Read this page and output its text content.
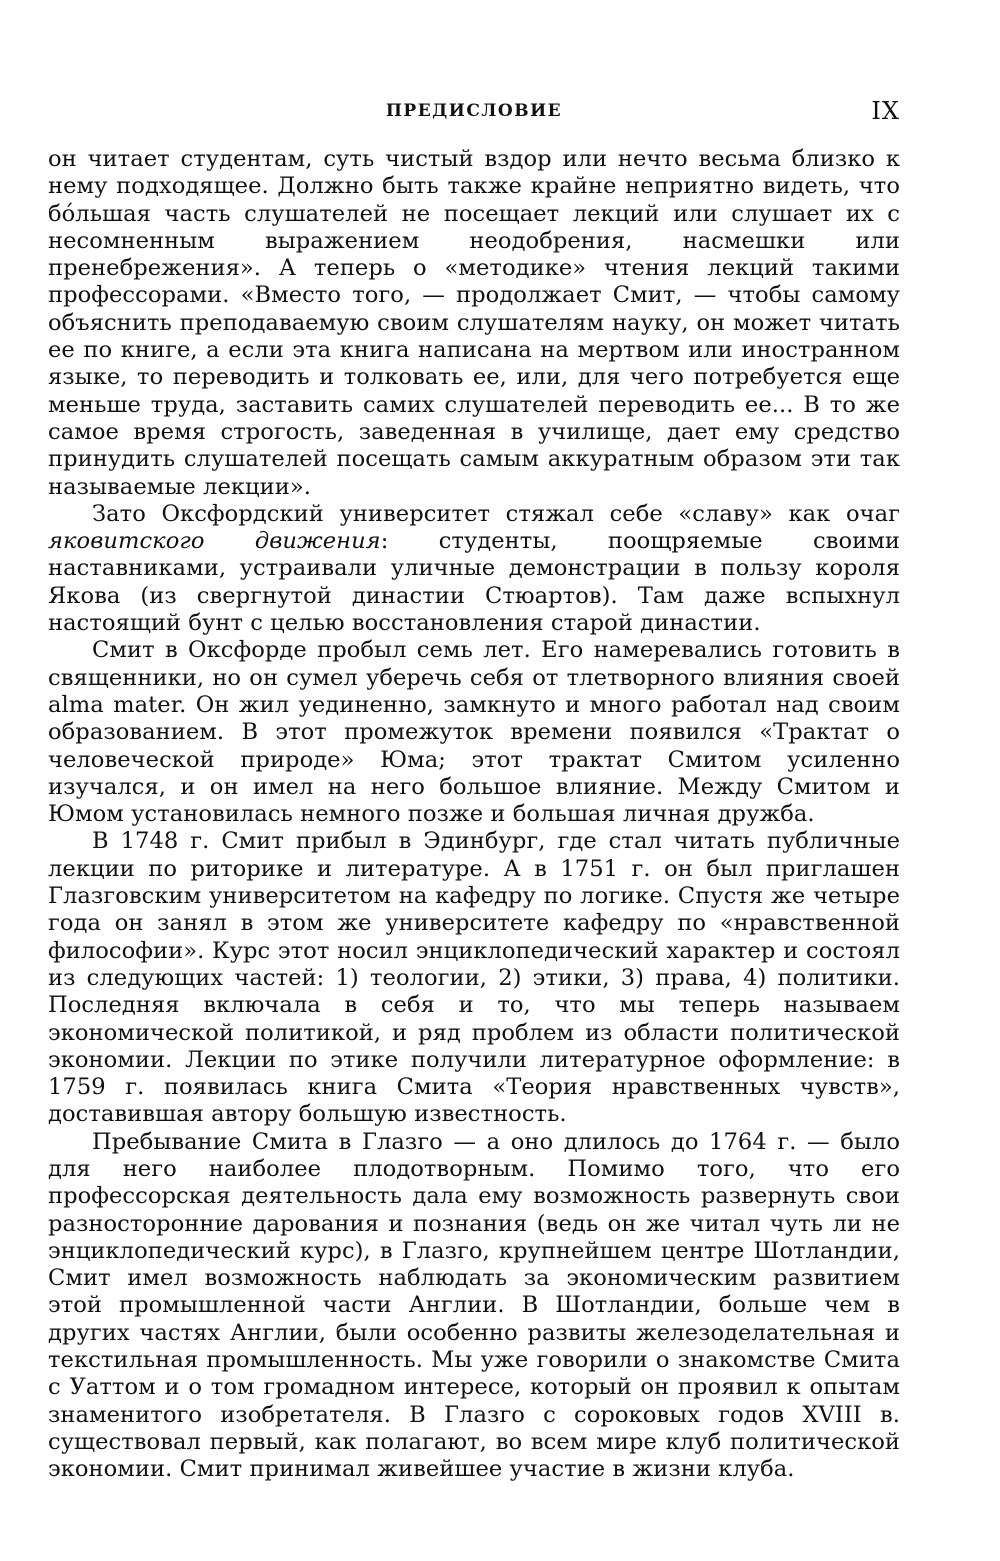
ПРЕДИСЛОВИЕ	IX

он читает студентам, суть чистый вздор или нечто весьма близко к нему подходящее. Должно быть также крайне неприятно видеть, что бо́льшая часть слушателей не посещает лекций или слушает их с несомненным выражением неодобрения, насмешки или пренебрежения». А теперь о «методике» чтения лекций такими профессорами. «Вместо того, — продолжает Смит, — чтобы самому объяснить преподаваемую своим слушателям науку, он может читать ее по книге, а если эта книга написана на мертвом или иностранном языке, то переводить и толковать ее, или, для чего потребуется еще меньше труда, заставить самих слушателей переводить ее... В то же самое время строгость, заведенная в училище, дает ему средство принудить слушателей посещать самым аккуратным образом эти так называемые лекции».

Зато Оксфордский университет стяжал себе «славу» как очаг яковитского движения: студенты, поощряемые своими наставниками, устраивали уличные демонстрации в пользу короля Якова (из свергнутой династии Стюартов). Там даже вспыхнул настоящий бунт с целью восстановления старой династии.

Смит в Оксфорде пробыл семь лет. Его намеревались готовить в священники, но он сумел уберечь себя от тлетворного влияния своей alma mater. Он жил уединенно, замкнуто и много работал над своим образованием. В этот промежуток времени появился «Трактат о человеческой природе» Юма; этот трактат Смитом усиленно изучался, и он имел на него большое влияние. Между Смитом и Юмом установилась немного позже и большая личная дружба.

В 1748 г. Смит прибыл в Эдинбург, где стал читать публичные лекции по риторике и литературе. А в 1751 г. он был приглашен Глазговским университетом на кафедру по логике. Спустя же четыре года он занял в этом же университете кафедру по «нравственной философии». Курс этот носил энциклопедический характер и состоял из следующих частей: 1) теологии, 2) этики, 3) права, 4) политики. Последняя включала в себя и то, что мы теперь называем экономической политикой, и ряд проблем из области политической экономии. Лекции по этике получили литературное оформление: в 1759 г. появилась книга Смита «Теория нравственных чувств», доставившая автору большую известность.

Пребывание Смита в Глазго — а оно длилось до 1764 г. — было для него наиболее плодотворным. Помимо того, что его профессорская деятельность дала ему возможность развернуть свои разносторонние дарования и познания (ведь он же читал чуть ли не энциклопедический курс), в Глазго, крупнейшем центре Шотландии, Смит имел возможность наблюдать за экономическим развитием этой промышленной части Англии. В Шотландии, больше чем в других частях Англии, были особенно развиты железоделательная и текстильная промышленность. Мы уже говорили о знакомстве Смита с Уаттом и о том громадном интересе, который он проявил к опытам знаменитого изобретателя. В Глазго с сороковых годов XVIII в. существовал первый, как полагают, во всем мире клуб политической экономии. Смит принимал живейшее участие в жизни клуба.
